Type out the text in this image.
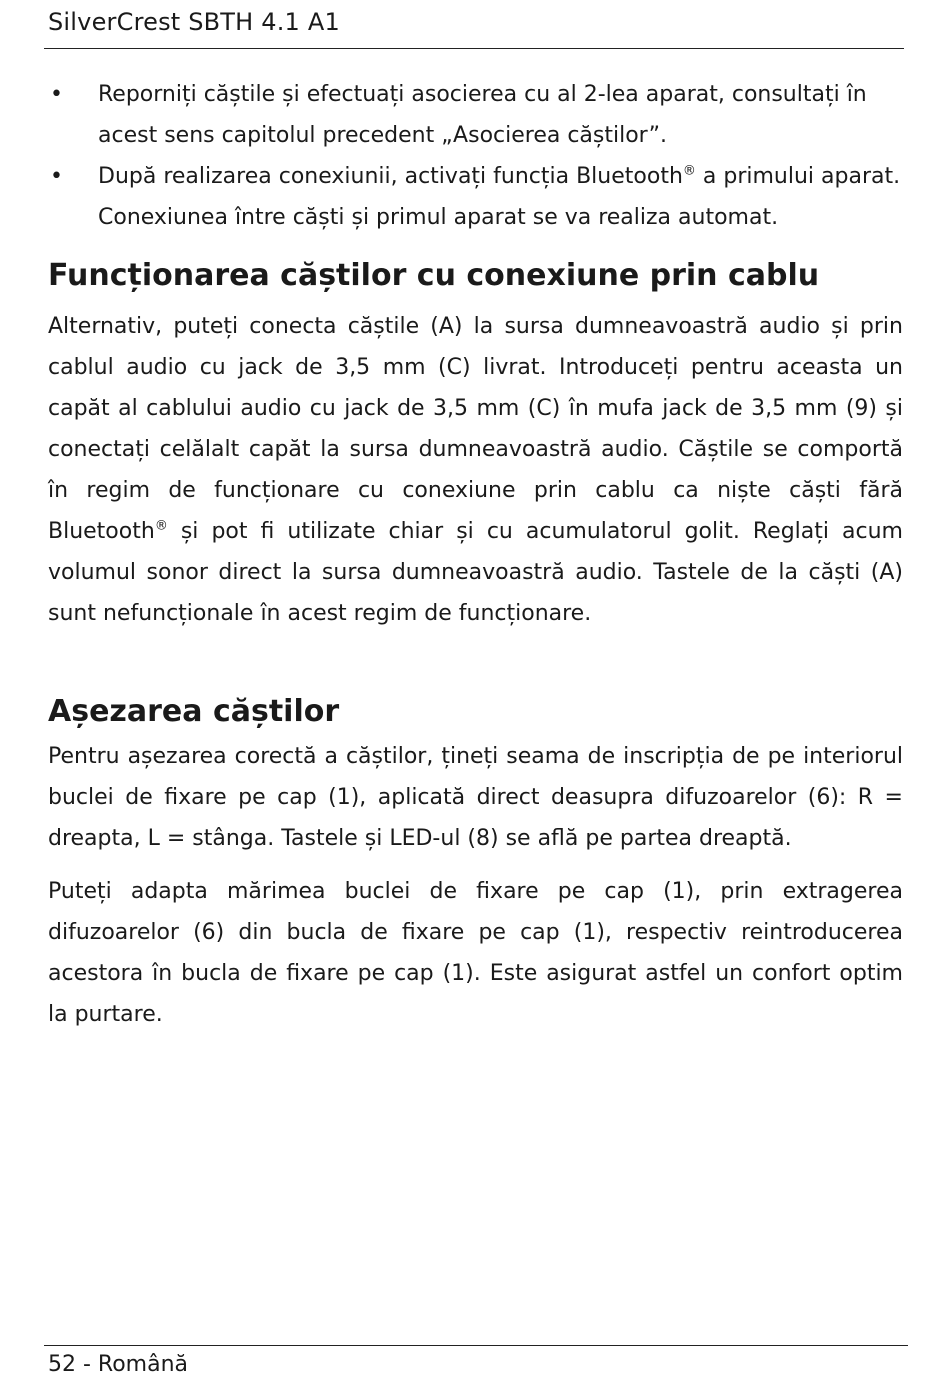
SilverCrest SBTH 4.1 A1
• Reporniți căștile și efectuați asocierea cu al 2-lea aparat, consultați în acest sens capitolul precedent „Asocierea căștilor”.
• După realizarea conexiunii, activați funcția Bluetooth® a primului aparat. Conexiunea între căști și primul aparat se va realiza automat.
Funcționarea căștilor cu conexiune prin cablu

Alternativ, puteți conecta căștile (A) la sursa dumneavoastră audio și prin cablul audio cu jack de 3,5 mm (C) livrat. Introduceți pentru aceasta un capăt al cablului audio cu jack de 3,5 mm (C) în mufa jack de 3,5 mm (9) și conectați celălalt capăt la sursa dumneavoastră audio. Căștile se comportă în regim de funcționare cu conexiune prin cablu ca niște căști fără Bluetooth® și pot fi utilizate chiar și cu acumulatorul golit. Reglați acum volumul sonor direct la sursa dumneavoastră audio. Tastele de la căști (A) sunt nefuncționale în acest regim de funcționare.

Așezarea căștilor

Pentru așezarea corectă a căștilor, țineți seama de inscripția de pe interiorul buclei de fixare pe cap (1), aplicată direct deasupra difuzoarelor (6): R = dreapta, L = stânga. Tastele și LED-ul (8) se află pe partea dreaptă.

Puteți adapta mărimea buclei de fixare pe cap (1), prin extragerea difuzoarelor (6) din bucla de fixare pe cap (1), respectiv reintroducerea acestora în bucla de fixare pe cap (1). Este asigurat astfel un confort optim la purtare.

52 - Română
